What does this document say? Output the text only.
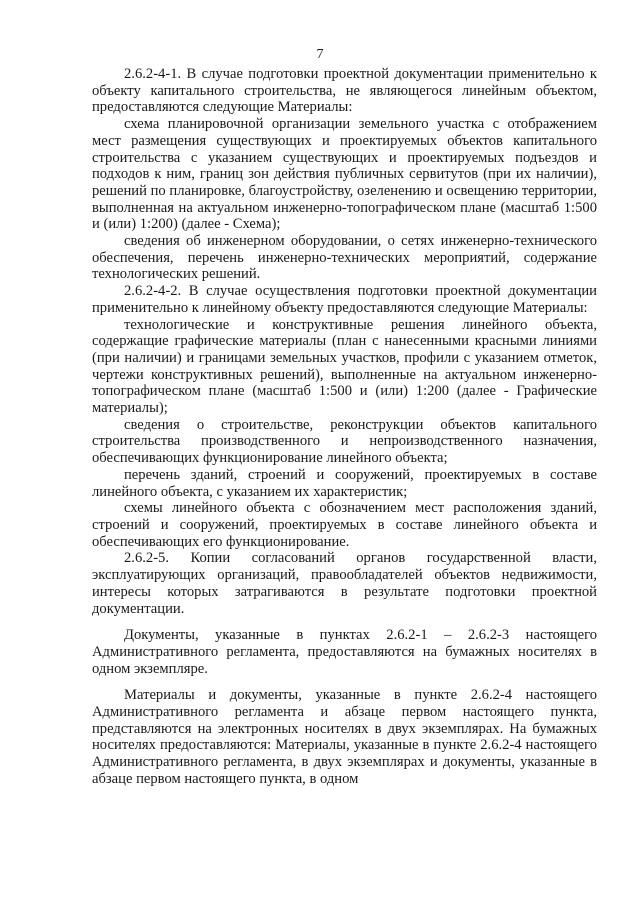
7

2.6.2-4-1. В случае подготовки проектной документации применительно к объекту капитального строительства, не являющегося линейным объектом, предоставляются следующие Материалы:

схема планировочной организации земельного участка с отображением мест размещения существующих и проектируемых объектов капитального строительства с указанием существующих и проектируемых подъездов и подходов к ним, границ зон действия публичных сервитутов (при их наличии), решений по планировке, благоустройству, озеленению и освещению территории, выполненная на актуальном инженерно-топографическом плане (масштаб 1:500 и (или) 1:200) (далее - Схема);

сведения об инженерном оборудовании, о сетях инженерно-технического обеспечения, перечень инженерно-технических мероприятий, содержание технологических решений.

2.6.2-4-2. В случае осуществления подготовки проектной документации применительно к линейному объекту предоставляются следующие Материалы:

технологические и конструктивные решения линейного объекта, содержащие графические материалы (план с нанесенными красными линиями (при наличии) и границами земельных участков, профили с указанием отметок, чертежи конструктивных решений), выполненные на актуальном инженерно-топографическом плане (масштаб 1:500 и (или) 1:200 (далее - Графические материалы);

сведения о строительстве, реконструкции объектов капитального строительства производственного и непроизводственного назначения, обеспечивающих функционирование линейного объекта;

перечень зданий, строений и сооружений, проектируемых в составе линейного объекта, с указанием их характеристик;

схемы линейного объекта с обозначением мест расположения зданий, строений и сооружений, проектируемых в составе линейного объекта и обеспечивающих его функционирование.

2.6.2-5. Копии согласований органов государственной власти, эксплуатирующих организаций, правообладателей объектов недвижимости, интересы которых затрагиваются в результате подготовки проектной документации.

Документы, указанные в пунктах 2.6.2-1 – 2.6.2-3 настоящего Административного регламента, предоставляются на бумажных носителях в одном экземпляре.

Материалы и документы, указанные в пункте 2.6.2-4 настоящего Административного регламента и абзаце первом настоящего пункта, представляются на электронных носителях в двух экземплярах. На бумажных носителях предоставляются: Материалы, указанные в пункте 2.6.2-4 настоящего Административного регламента, в двух экземплярах и документы, указанные в абзаце первом настоящего пункта, в одном
